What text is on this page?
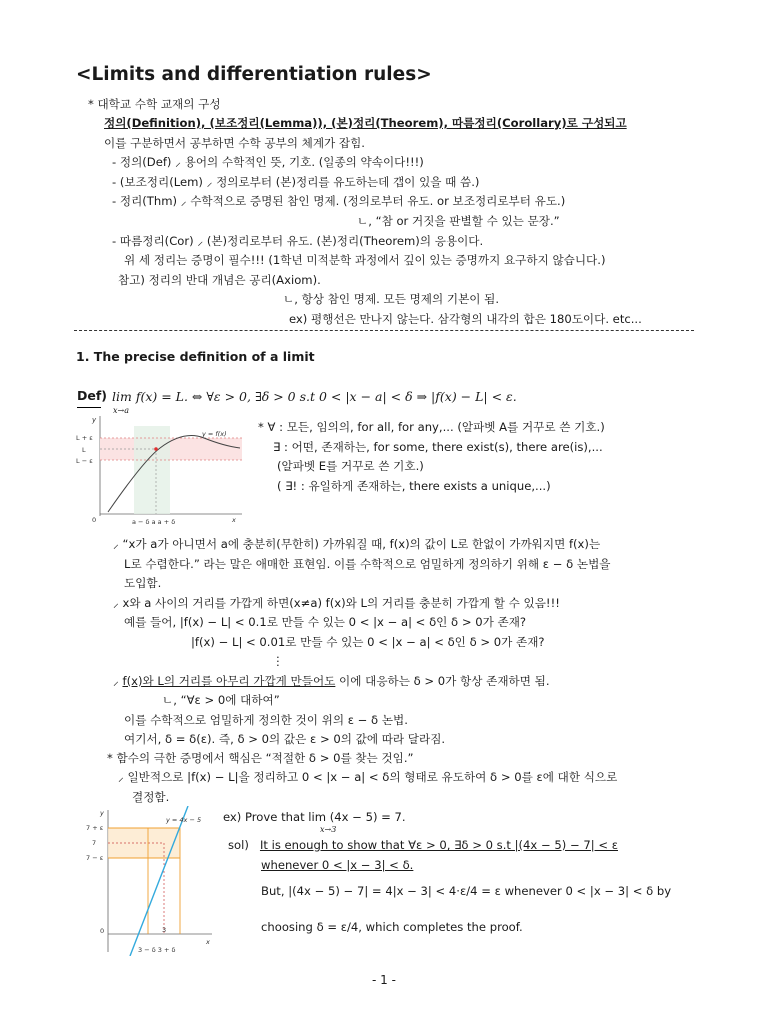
<Limits and differentiation rules>
* 대학교 수학 교재의 구성
정의(Definition), (보조정리(Lemma)), (본)정리(Theorem), 따름정리(Corollary)로 구성되고
이를 구분하면서 공부하면 수학 공부의 체계가 잡힘.
- 정의(Def) ⸝ 용어의 수학적인 뜻, 기호. (일종의 약속이다!!!)
- (보조정리(Lem) ⸝ 정의로부터 (본)정리를 유도하는데 갭이 있을 때 씀.)
- 정리(Thm) ⸝ 수학적으로 증명된 참인 명제. (정의로부터 유도. or 보조정리로부터 유도.)
ㄴ, “참 or 거짓을 판별할 수 있는 문장.”
- 따름정리(Cor) ⸝ (본)정리로부터 유도. (본)정리(Theorem)의 응용이다.
위 세 정리는 증명이 필수!!! (1학년 미적분학 과정에서 깊이 있는 증명까지 요구하지 않습니다.)
참고) 정리의 반대 개념은 공리(Axiom).
ㄴ, 항상 참인 명제. 모든 명제의 기본이 됨.
ex) 평행선은 만나지 않는다. 삼각형의 내각의 합은 180도이다. etc...
1. The precise definition of a limit
Def) lim f(x) = L. ⇔ ∀ε > 0, ∃δ > 0 s.t 0 < |x − a| < δ ⇒ |f(x) − L| < ε.
x→a
y
L + ε
L
L − ε
y = f(x)
0	x
a − δ a a + δ
* ∀ : 모든, 임의의, for all, for any,... (알파벳 A를 거꾸로 쓴 기호.)
∃ : 어떤, 존재하는, for some, there exist(s), there are(is),...
(알파벳 E를 거꾸로 쓴 기호.)
( ∃! : 유일하게 존재하는, there exists a unique,...)
⸝ “x가 a가 아니면서 a에 충분히(무한히) 가까워질 때, f(x)의 값이 L로 한없이 가까워지면 f(x)는
L로 수렴한다.” 라는 말은 애매한 표현임. 이를 수학적으로 엄밀하게 정의하기 위해 ε − δ 논법을
도입함.
⸝ x와 a 사이의 거리를 가깝게 하면(x≠a) f(x)와 L의 거리를 충분히 가깝게 할 수 있음!!!
예를 들어, |f(x) − L| < 0.1로 만들 수 있는 0 < |x − a| < δ인 δ > 0가 존재?
|f(x) − L| < 0.01로 만들 수 있는 0 < |x − a| < δ인 δ > 0가 존재?
⋮
⸝ f(x)와 L의 거리를 아무리 가깝게 만들어도 이에 대응하는 δ > 0가 항상 존재하면 됨.
ㄴ, “∀ε > 0에 대하여”
이를 수학적으로 엄밀하게 정의한 것이 위의 ε − δ 논법.
여기서, δ = δ(ε). 즉, δ > 0의 값은 ε > 0의 값에 따라 달라짐.
* 함수의 극한 증명에서 핵심은 “적절한 δ > 0를 찾는 것임.”
⸝ 일반적으로 |f(x) − L|을 정리하고 0 < |x − a| < δ의 형태로 유도하여 δ > 0를 ε에 대한 식으로
결정함.
y
y = 4x − 5
7 + ε
7
7 − ε
0	3
3 − δ 3 + δ
x
ex) Prove that lim (4x − 5) = 7.
x→3
sol) It is enough to show that ∀ε > 0, ∃δ > 0 s.t |(4x − 5) − 7| < ε
whenever 0 < |x − 3| < δ.
But, |(4x − 5) − 7| = 4|x − 3| < 4·ε/4 = ε whenever 0 < |x − 3| < δ by
choosing δ = ε/4, which completes the proof.
- 1 -
